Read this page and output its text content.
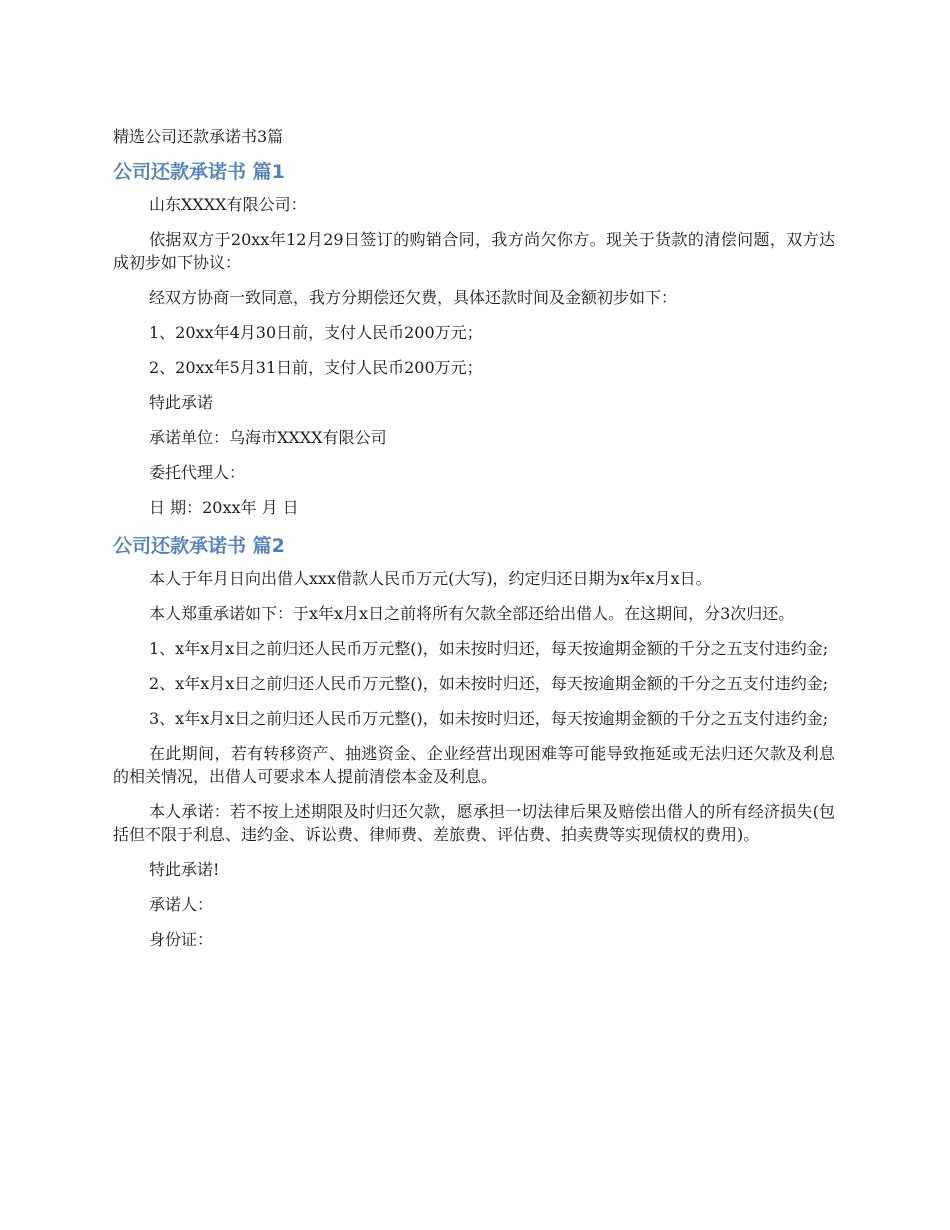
精选公司还款承诺书3篇
公司还款承诺书 篇1

山东XXXX有限公司：

依据双方于20xx年12月29日签订的购销合同，我方尚欠你方。现关于货款的清偿问题，双方达成初步如下协议：

经双方协商一致同意，我方分期偿还欠费，具体还款时间及金额初步如下：

1、20xx年4月30日前，支付人民币200万元；

2、20xx年5月31日前，支付人民币200万元；

特此承诺

承诺单位：乌海市XXXX有限公司

委托代理人：

日 期：20xx年 月 日

公司还款承诺书 篇2

本人于年月日向出借人xxx借款人民币万元(大写)，约定归还日期为x年x月x日。

本人郑重承诺如下：于x年x月x日之前将所有欠款全部还给出借人。在这期间，分3次归还。

1、x年x月x日之前归还人民币万元整()，如未按时归还，每天按逾期金额的千分之五支付违约金;

2、x年x月x日之前归还人民币万元整()，如未按时归还，每天按逾期金额的千分之五支付违约金;

3、x年x月x日之前归还人民币万元整()，如未按时归还，每天按逾期金额的千分之五支付违约金;

在此期间，若有转移资产、抽逃资金、企业经营出现困难等可能导致拖延或无法归还欠款及利息的相关情况，出借人可要求本人提前清偿本金及利息。

本人承诺：若不按上述期限及时归还欠款，愿承担一切法律后果及赔偿出借人的所有经济损失(包括但不限于利息、违约金、诉讼费、律师费、差旅费、评估费、拍卖费等实现债权的费用)。

特此承诺!

承诺人：

身份证：
